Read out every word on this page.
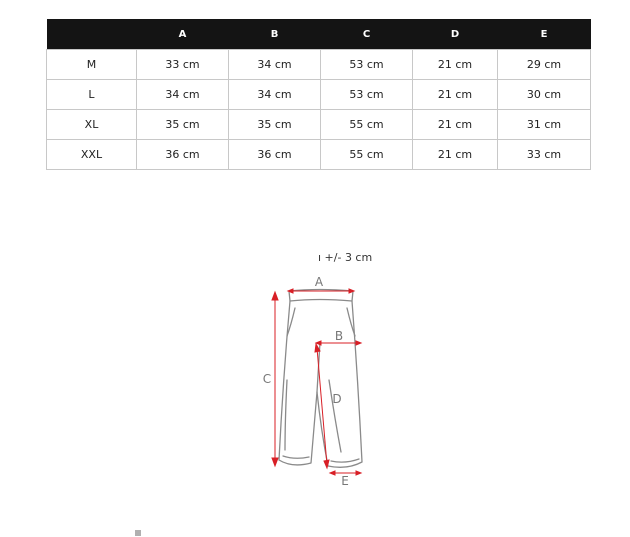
	A	B	C	D	E
M	33 cm	34 cm	53 cm	21 cm	29 cm
L	34 cm	34 cm	53 cm	21 cm	30 cm
XL	35 cm	35 cm	55 cm	21 cm	31 cm
XXL	36 cm	36 cm	55 cm	21 cm	33 cm
ı +/- 3 cm
A
B
C
D
E
